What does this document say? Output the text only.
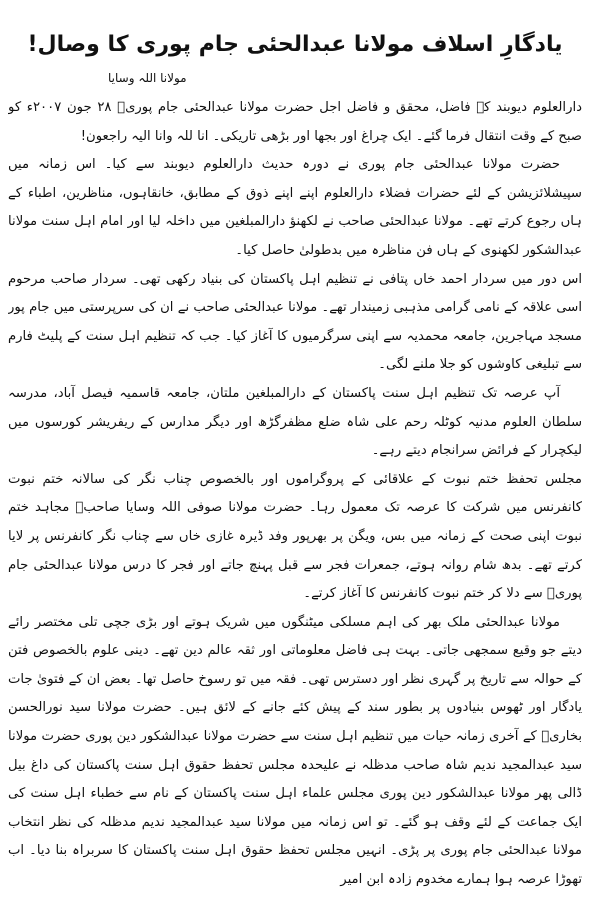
یادگارِ اسلاف مولانا عبدالحئی جام پوری کا وصال!
مولانا اللہ وسایا

دارالعلوم دیوبند کے فاضل، محقق و فاضل اجل حضرت مولانا عبدالحئی جام پوریؒ ۲۸ جون ۲۰۰۷ء کو صبح کے وقت انتقال فرما گئے۔ ایک چراغ اور بجھا اور بڑھی تاریکی۔ انا للہ وانا الیہ راجعون!

حضرت مولانا عبدالحئی جام پوری نے دورہ حدیث دارالعلوم دیوبند سے کیا۔ اس زمانہ میں سپیشلائزیشن کے لئے حضرات فضلاء دارالعلوم اپنے اپنے ذوق کے مطابق، خانقاہوں، مناظرین، اطباء کے ہاں رجوع کرتے تھے۔ مولانا عبدالحئی صاحب نے لکھنؤ دارالمبلغین میں داخلہ لیا اور امام اہل سنت مولانا عبدالشکور لکھنوی کے ہاں فن مناظرہ میں بدطولیٰ حاصل کیا۔

اس دور میں سردار احمد خاں پتافی نے تنظیم اہل پاکستان کی بنیاد رکھی تھی۔ سردار صاحب مرحوم اسی علاقہ کے نامی گرامی مذہبی زمیندار تھے۔ مولانا عبدالحئی صاحب نے ان کی سرپرستی میں جام پور مسجد مہاجرین، جامعہ محمدیہ سے اپنی سرگرمیوں کا آغاز کیا۔ جب کہ تنظیم اہل سنت کے پلیٹ فارم سے تبلیغی کاوشوں کو جلا ملنے لگی۔

آپ عرصہ تک تنظیم اہل سنت پاکستان کے دارالمبلغین ملتان، جامعہ قاسمیہ فیصل آباد، مدرسہ سلطان العلوم مدنیہ کوٹلہ رحم علی شاہ ضلع مظفرگڑھ اور دیگر مدارس کے ریفریشر کورسوں میں لیکچرار کے فرائض سرانجام دیتے رہے۔

مجلس تحفظ ختم نبوت کے علاقائی کے پروگراموں اور بالخصوص چناب نگر کی سالانہ ختم نبوت کانفرنس میں شرکت کا عرصہ تک معمول رہا۔ حضرت مولانا صوفی اللہ وسایا صاحبؒ مجاہد ختم نبوت اپنی صحت کے زمانہ میں بس، ویگن پر بھرپور وفد ڈیرہ غازی خاں سے چناب نگر کانفرنس پر لایا کرتے تھے۔ بدھ شام روانہ ہوتے، جمعرات فجر سے قبل پہنچ جاتے اور فجر کا درس مولانا عبدالحئی جام پوریؒ سے دلا کر ختم نبوت کانفرنس کا آغاز کرتے۔

مولانا عبدالحئی ملک بھر کی اہم مسلکی میٹنگوں میں شریک ہوتے اور بڑی جچی تلی مختصر رائے دیتے جو وقیع سمجھی جاتی۔ بہت ہی فاضل معلوماتی اور ثقہ عالم دین تھے۔ دینی علوم بالخصوص فتن کے حوالہ سے تاریخ پر گہری نظر اور دسترس تھی۔ فقہ میں تو رسوخ حاصل تھا۔ بعض ان کے فتویٰ جات یادگار اور ٹھوس بنیادوں پر بطور سند کے پیش کئے جانے کے لائق ہیں۔ حضرت مولانا سید نورالحسن بخاریؒ کے آخری زمانہ حیات میں تنظیم اہل سنت سے حضرت مولانا عبدالشکور دین پوری حضرت مولانا سید عبدالمجید ندیم شاہ صاحب مدظلہ نے علیحدہ مجلس تحفظ حقوق اہل سنت پاکستان کی داغ بیل ڈالی پھر مولانا عبدالشکور دین پوری مجلس علماء اہل سنت پاکستان کے نام سے خطباء اہل سنت کی ایک جماعت کے لئے وقف ہو گئے۔ تو اس زمانہ میں مولانا سید عبدالمجید ندیم مدظلہ کی نظر انتخاب مولانا عبدالحئی جام پوری پر پڑی۔ انہیں مجلس تحفظ حقوق اہل سنت پاکستان کا سربراہ بنا دیا۔ اب تھوڑا عرصہ ہوا ہمارے مخدوم زادہ ابن امیر
